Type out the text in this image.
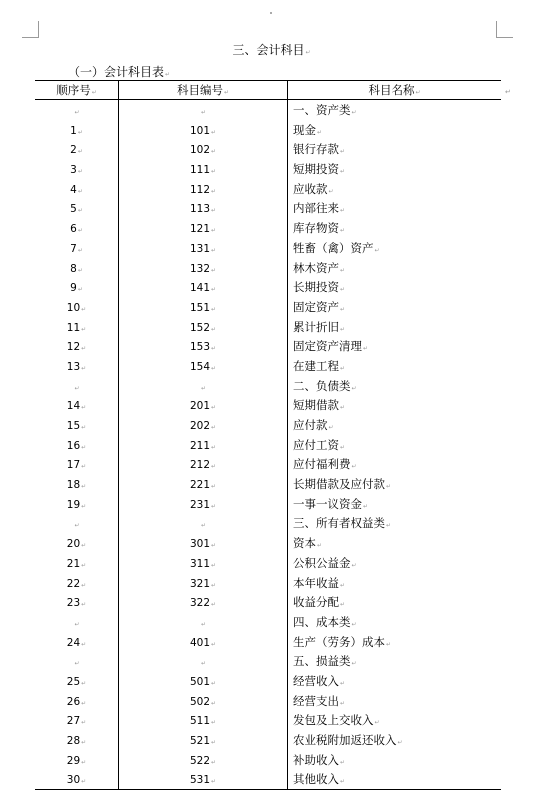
三、会计科目↵
（一）会计科目表↵
↵
顺序号↵	科目编号↵	科目名称↵
↵	↵	一、资产类↵
1↵	101↵	现金↵
2↵	102↵	银行存款↵
3↵	111↵	短期投资↵
4↵	112↵	应收款↵
5↵	113↵	内部往来↵
6↵	121↵	库存物资↵
7↵	131↵	牲畜（禽）资产↵
8↵	132↵	林木资产↵
9↵	141↵	长期投资↵
10↵	151↵	固定资产↵
11↵	152↵	累计折旧↵
12↵	153↵	固定资产清理↵
13↵	154↵	在建工程↵
↵	↵	二、负债类↵
14↵	201↵	短期借款↵
15↵	202↵	应付款↵
16↵	211↵	应付工资↵
17↵	212↵	应付福利费↵
18↵	221↵	长期借款及应付款↵
19↵	231↵	一事一议资金↵
↵	↵	三、所有者权益类↵
20↵	301↵	资本↵
21↵	311↵	公积公益金↵
22↵	321↵	本年收益↵
23↵	322↵	收益分配↵
↵	↵	四、成本类↵
24↵	401↵	生产（劳务）成本↵
↵	↵	五、损益类↵
25↵	501↵	经营收入↵
26↵	502↵	经营支出↵
27↵	511↵	发包及上交收入↵
28↵	521↵	农业税附加返还收入↵
29↵	522↵	补助收入↵
30↵	531↵	其他收入↵
